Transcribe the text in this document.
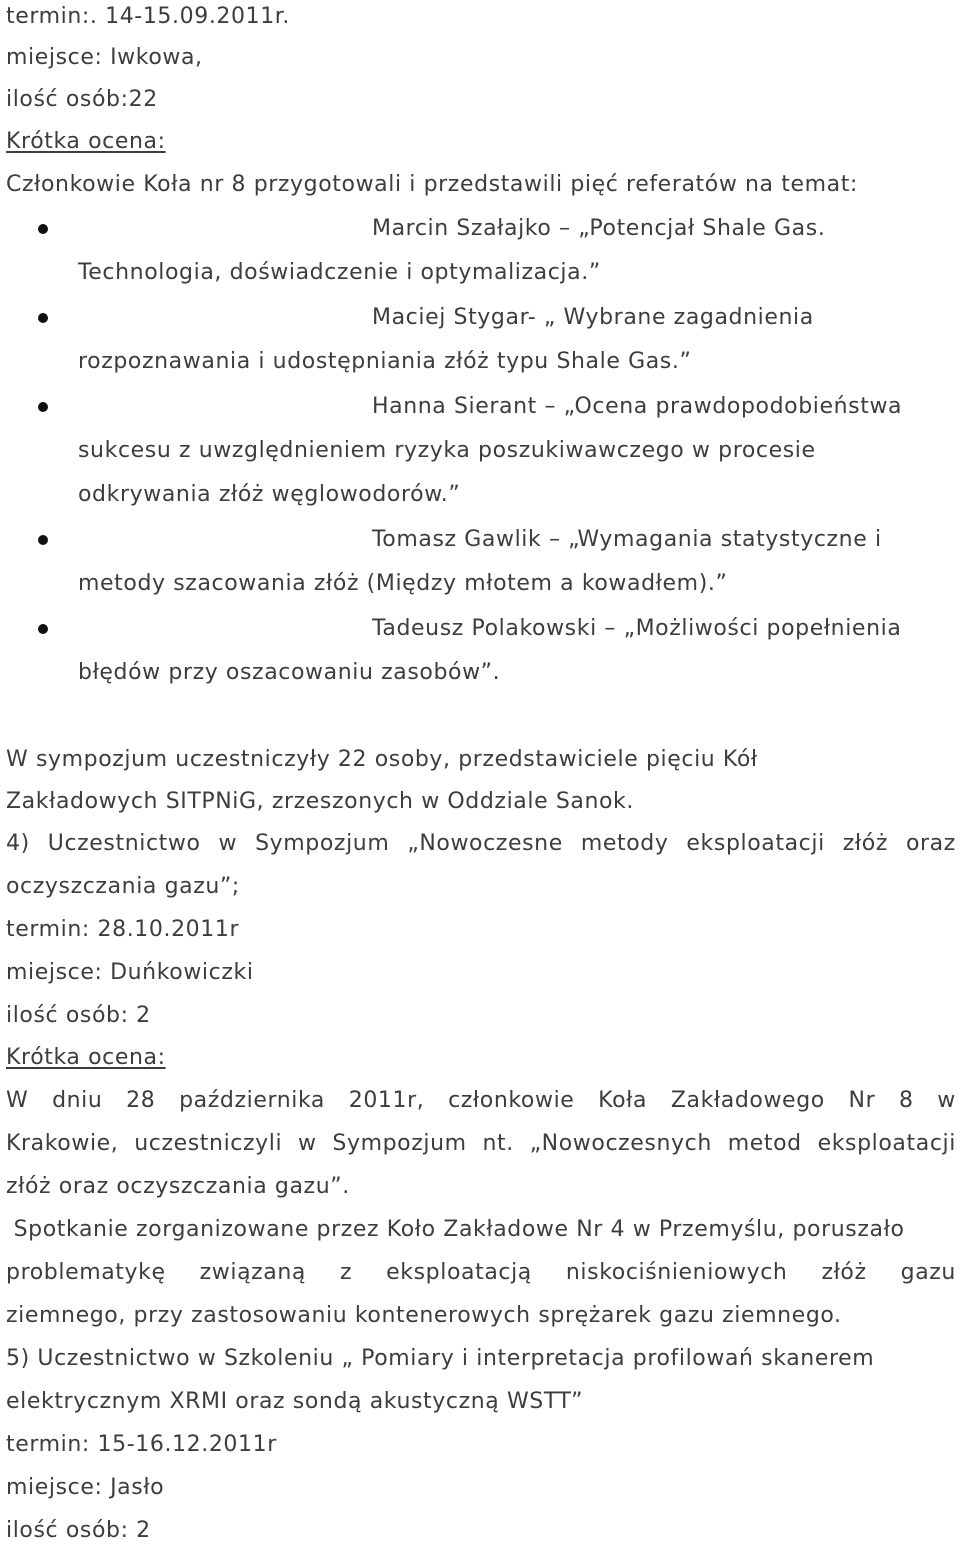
termin:. 14-15.09.2011r.
miejsce: Iwkowa,
ilość osób:22
Krótka ocena:
Członkowie Koła nr 8 przygotowali i przedstawili pięć referatów na temat:
Marcin Szałajko – „Potencjał Shale Gas.
Technologia, doświadczenie i optymalizacja.”
Maciej Stygar- „ Wybrane zagadnienia
rozpoznawania i udostępniania złóż typu Shale Gas.”
Hanna Sierant – „Ocena prawdopodobieństwa
sukcesu z uwzględnieniem ryzyka poszukiwawczego w procesie
odkrywania złóż węglowodorów.”
Tomasz Gawlik – „Wymagania statystyczne i
metody szacowania złóż (Między młotem a kowadłem).”
Tadeusz Polakowski – „Możliwości popełnienia
błędów przy oszacowaniu zasobów”.
W sympozjum uczestniczyły 22 osoby, przedstawiciele pięciu Kół
Zakładowych SITPNiG, zrzeszonych w Oddziale Sanok.
4) Uczestnictwo w Sympozjum „Nowoczesne metody eksploatacji złóż oraz
oczyszczania gazu”;
termin: 28.10.2011r
miejsce: Duńkowiczki
ilość osób: 2
Krótka ocena:
W dniu 28 października 2011r, członkowie Koła Zakładowego Nr 8 w
Krakowie, uczestniczyli w Sympozjum nt. „Nowoczesnych metod eksploatacji
złóż oraz oczyszczania gazu”.
Spotkanie zorganizowane przez Koło Zakładowe Nr 4 w Przemyślu, poruszało
problematykę związaną z eksploatacją niskociśnieniowych złóż gazu
ziemnego, przy zastosowaniu kontenerowych sprężarek gazu ziemnego.
5) Uczestnictwo w Szkoleniu „ Pomiary i interpretacja profilowań skanerem
elektrycznym XRMI oraz sondą akustyczną WSTT”
termin: 15-16.12.2011r
miejsce: Jasło
ilość osób: 2
